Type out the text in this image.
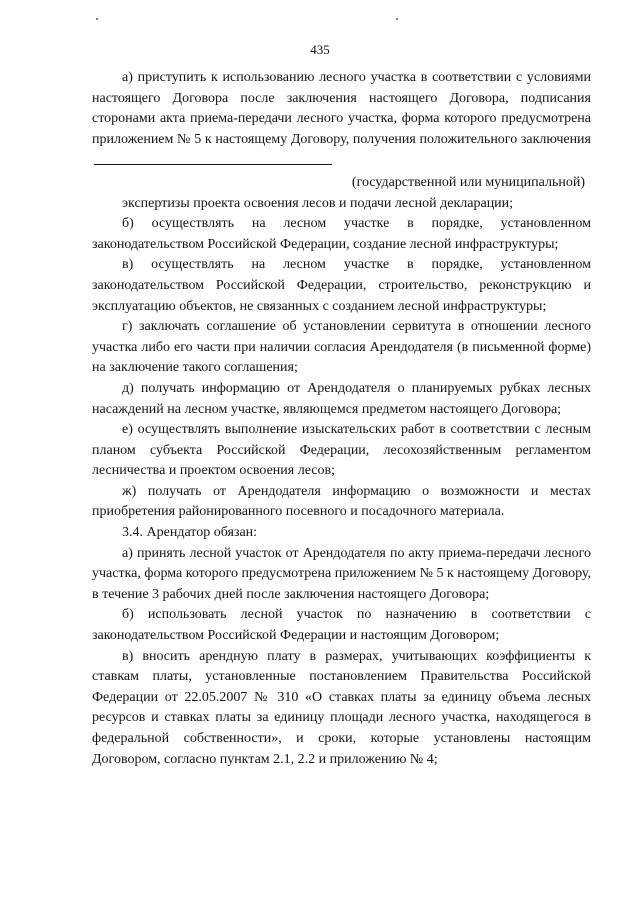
435

а) приступить к использованию лесного участка в соответствии с условиями настоящего Договора после заключения настоящего Договора, подписания сторонами акта приема-передачи лесного участка, форма которого предусмотрена приложением № 5 к настоящему Договору, получения положительного заключения

(государственной или муниципальной)

экспертизы проекта освоения лесов и подачи лесной декларации;

б) осуществлять на лесном участке в порядке, установленном законодательством Российской Федерации, создание лесной инфраструктуры;

в) осуществлять на лесном участке в порядке, установленном законодательством Российской Федерации, строительство, реконструкцию и эксплуатацию объектов, не связанных с созданием лесной инфраструктуры;

г) заключать соглашение об установлении сервитута в отношении лесного участка либо его части при наличии согласия Арендодателя (в письменной форме) на заключение такого соглашения;

д) получать информацию от Арендодателя о планируемых рубках лесных насаждений на лесном участке, являющемся предметом настоящего Договора;

е) осуществлять выполнение изыскательских работ в соответствии с лесным планом субъекта Российской Федерации, лесохозяйственным регламентом лесничества и проектом освоения лесов;

ж) получать от Арендодателя информацию о возможности и местах приобретения районированного посевного и посадочного материала.

3.4. Арендатор обязан:

а) принять лесной участок от Арендодателя по акту приема-передачи лесного участка, форма которого предусмотрена приложением № 5 к настоящему Договору, в течение 3 рабочих дней после заключения настоящего Договора;

б) использовать лесной участок по назначению в соответствии с законодательством Российской Федерации и настоящим Договором;

в) вносить арендную плату в размерах, учитывающих коэффициенты к ставкам платы, установленные постановлением Правительства Российской Федерации от 22.05.2007 № 310 «О ставках платы за единицу объема лесных ресурсов и ставках платы за единицу площади лесного участка, находящегося в федеральной собственности», и сроки, которые установлены настоящим Договором, согласно пунктам 2.1, 2.2 и приложению № 4;
